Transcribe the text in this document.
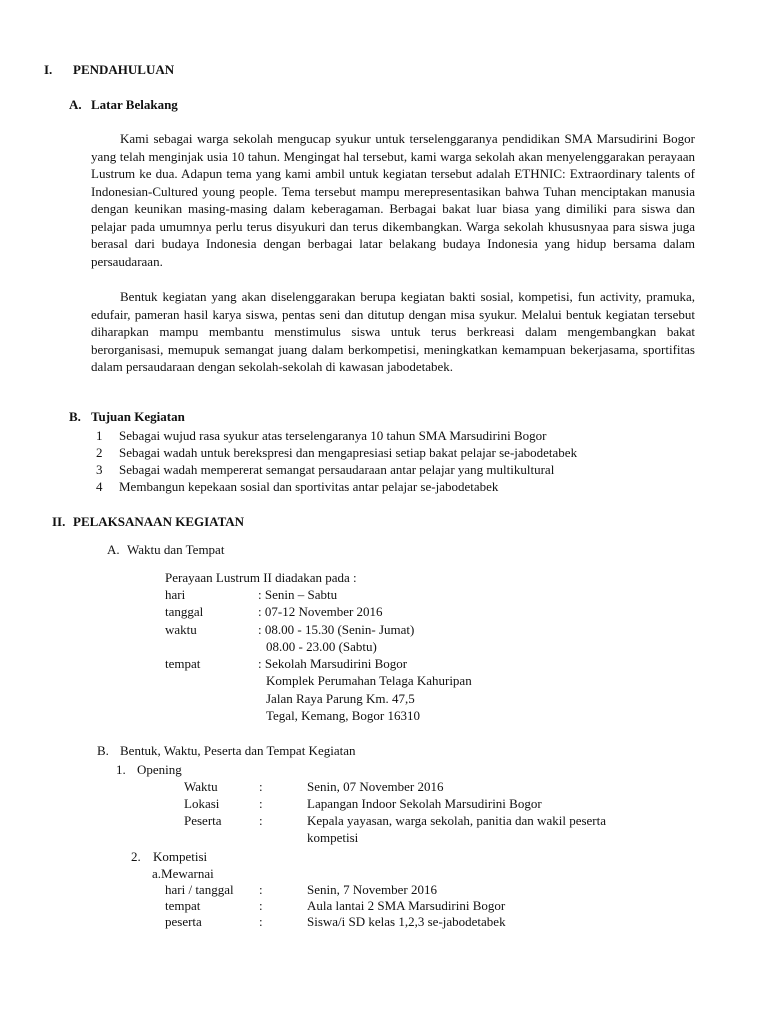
I. PENDAHULUAN
A. Latar Belakang

Kami sebagai warga sekolah mengucap syukur untuk terselenggaranya pendidikan SMA Marsudirini Bogor yang telah menginjak usia 10 tahun. Mengingat hal tersebut, kami warga sekolah akan menyelenggarakan perayaan Lustrum ke dua. Adapun tema yang kami ambil untuk kegiatan tersebut adalah ETHNIC: Extraordinary talents of Indonesian-Cultured young people. Tema tersebut mampu merepresentasikan bahwa Tuhan menciptakan manusia dengan keunikan masing-masing dalam keberagaman. Berbagai bakat luar biasa yang dimiliki para siswa dan pelajar pada umumnya perlu terus disyukuri dan terus dikembangkan. Warga sekolah khususnyaa para siswa juga berasal dari budaya Indonesia dengan berbagai latar belakang budaya Indonesia yang hidup bersama dalam persaudaraan.

Bentuk kegiatan yang akan diselenggarakan berupa kegiatan bakti sosial, kompetisi, fun activity, pramuka, edufair, pameran hasil karya siswa, pentas seni dan ditutup dengan misa syukur. Melalui bentuk kegiatan tersebut diharapkan mampu membantu menstimulus siswa untuk terus berkreasi dalam mengembangkan bakat berorganisasi, memupuk semangat juang dalam berkompetisi, meningkatkan kemampuan bekerjasama, sportifitas dalam persaudaraan dengan sekolah-sekolah di kawasan jabodetabek.

B. Tujuan Kegiatan
1 Sebagai wujud rasa syukur atas terselengaranya 10 tahun SMA Marsudirini Bogor
2 Sebagai wadah untuk berekspresi dan mengapresiasi setiap bakat pelajar se-jabodetabek
3 Sebagai wadah mempererat semangat persaudaraan antar pelajar yang multikultural
4 Membangun kepekaan sosial dan sportivitas antar pelajar se-jabodetabek
II. PELAKSANAAN KEGIATAN
A. Waktu dan Tempat
Perayaan Lustrum II diadakan pada :
hari	: Senin – Sabtu
tanggal	: 07-12 November 2016
waktu	: 08.00 - 15.30 (Senin- Jumat)
08.00 - 23.00 (Sabtu)
tempat	: Sekolah Marsudirini Bogor
Komplek Perumahan Telaga Kahuripan
Jalan Raya Parung Km. 47,5
Tegal, Kemang, Bogor 16310
B. Bentuk, Waktu, Peserta dan Tempat Kegiatan
1. Opening
Waktu	:	Senin, 07 November 2016
Lokasi	:	Lapangan Indoor Sekolah Marsudirini Bogor
Peserta	:	Kepala yayasan, warga sekolah, panitia dan wakil peserta
kompetisi
2. Kompetisi
a.Mewarnai
hari / tanggal :	Senin, 7 November 2016
tempat	:	Aula lantai 2 SMA Marsudirini Bogor
peserta	:	Siswa/i SD kelas 1,2,3 se-jabodetabek
